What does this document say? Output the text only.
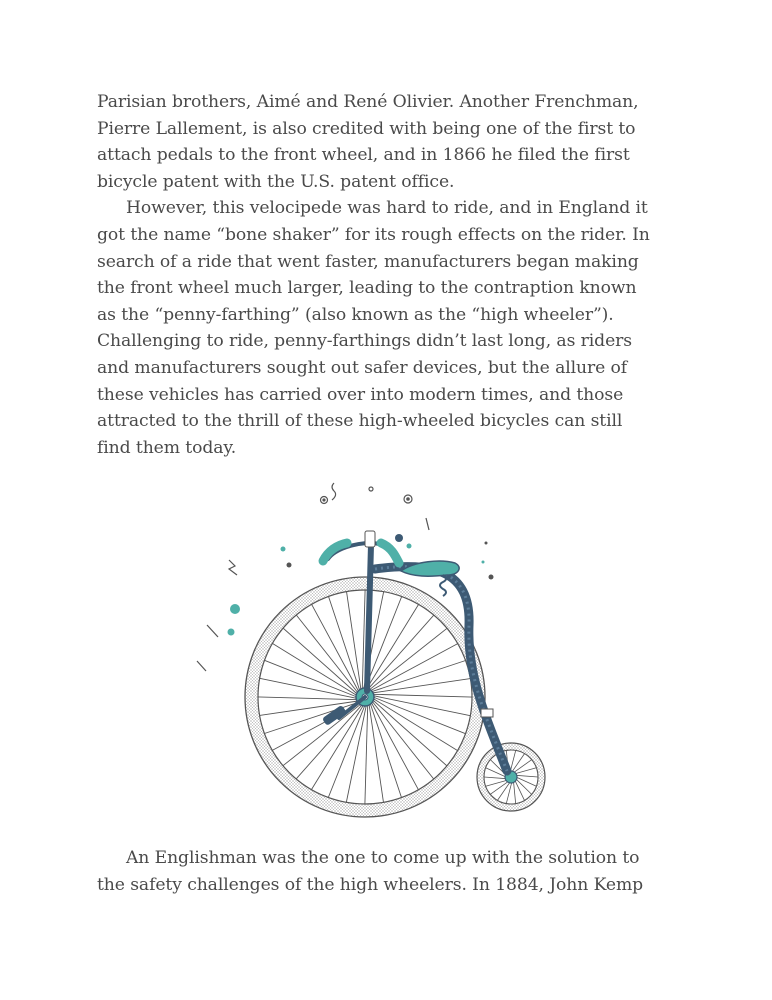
Parisian brothers, Aimé and René Olivier. Another Frenchman,
Pierre Lallement, is also credited with being one of the first to
attach pedals to the front wheel, and in 1866 he filed the first
bicycle patent with the U.S. patent office.
However, this velocipede was hard to ride, and in England it
got the name “bone shaker” for its rough effects on the rider. In
search of a ride that went faster, manufacturers began making
the front wheel much larger, leading to the contraption known
as the “penny-farthing” (also known as the “high wheeler”).
Challenging to ride, penny-farthings didn’t last long, as riders
and manufacturers sought out safer devices, but the allure of
these vehicles has carried over into modern times, and those
attracted to the thrill of these high-wheeled bicycles can still
find them today.
An Englishman was the one to come up with the solution to
the safety challenges of the high wheelers. In 1884, John Kemp
